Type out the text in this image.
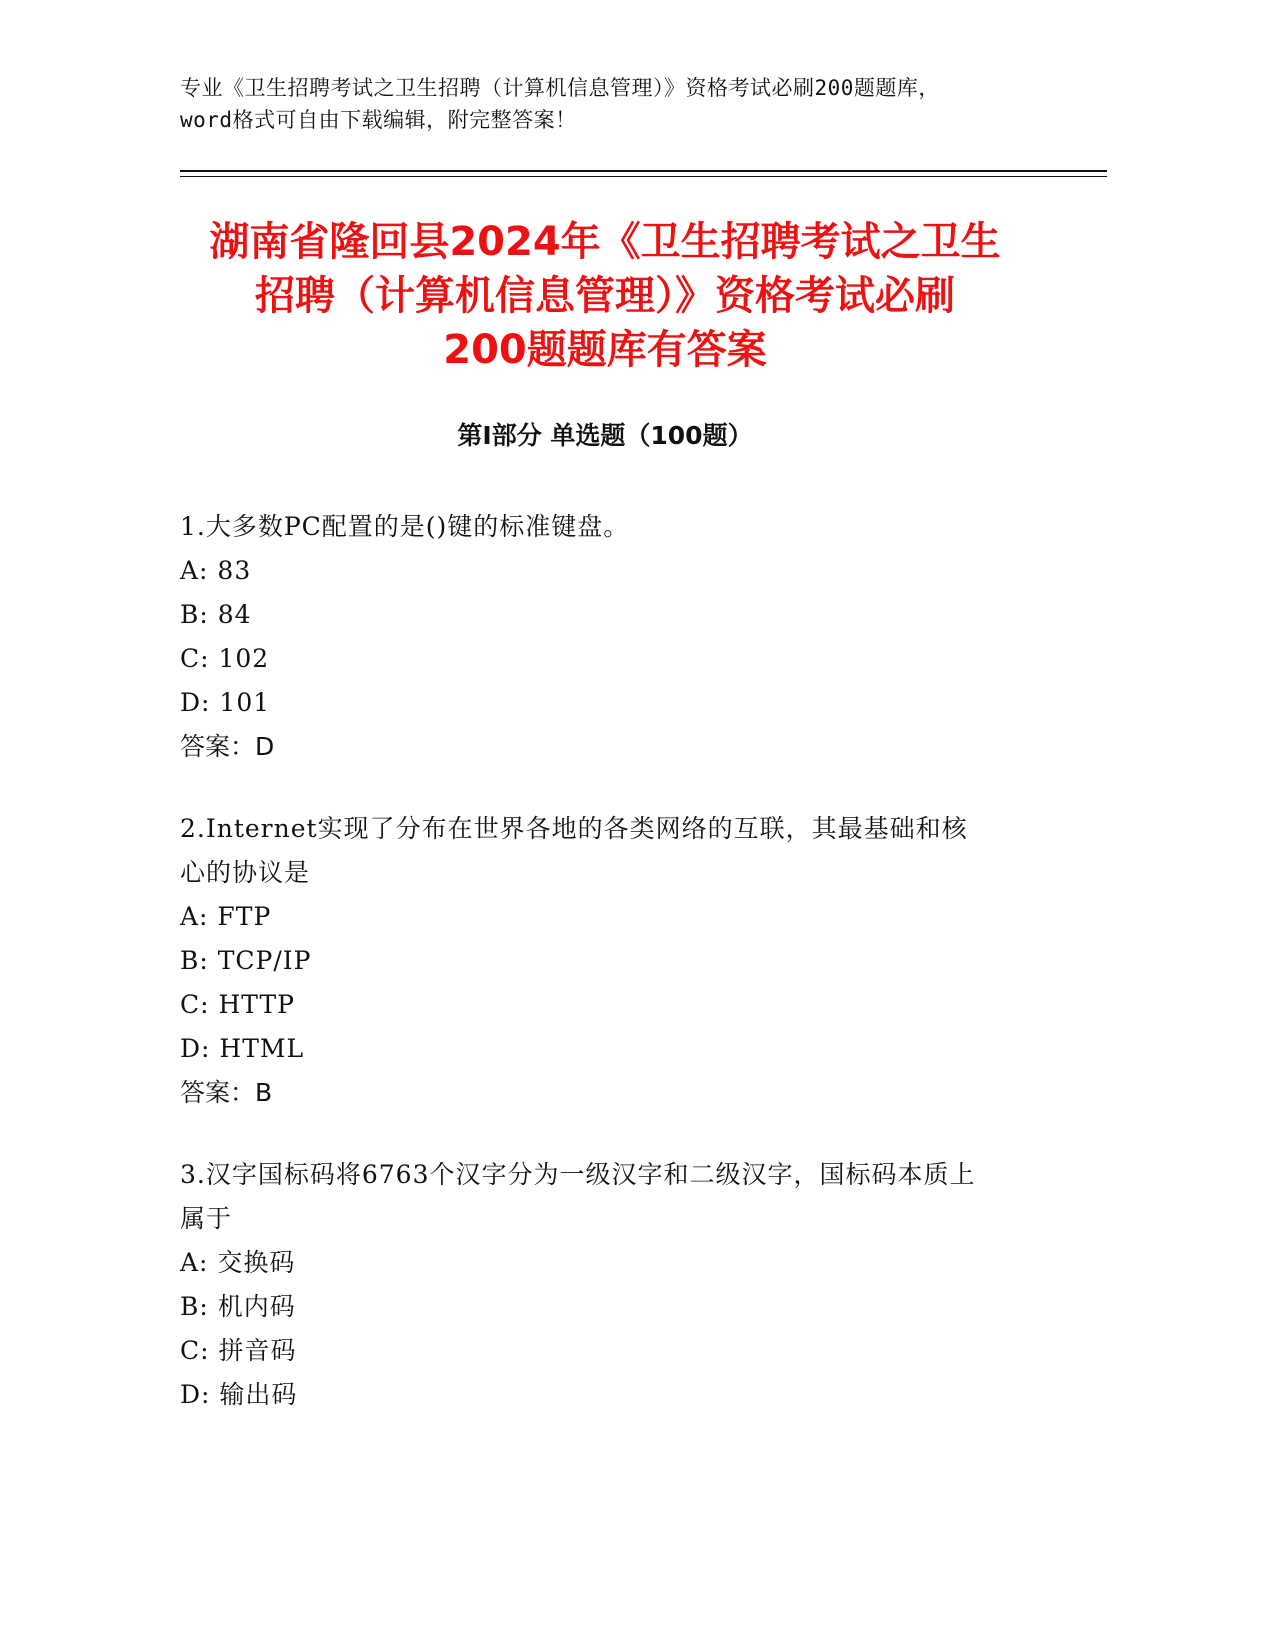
专业《卫生招聘考试之卫生招聘（计算机信息管理）》资格考试必刷200题题库，
word格式可自由下载编辑，附完整答案！
湖南省隆回县2024年《卫生招聘考试之卫生
招聘（计算机信息管理）》资格考试必刷
200题题库有答案
第Ⅰ部分 单选题（100题）
1.大多数PC配置的是()键的标准键盘。
A: 83
B: 84
C: 102
D: 101
答案：D
2.Internet实现了分布在世界各地的各类网络的互联，其最基础和核
心的协议是
A: FTP
B: TCP/IP
C: HTTP
D: HTML
答案：B
3.汉字国标码将6763个汉字分为一级汉字和二级汉字，国标码本质上
属于
A: 交换码
B: 机内码
C: 拼音码
D: 输出码
